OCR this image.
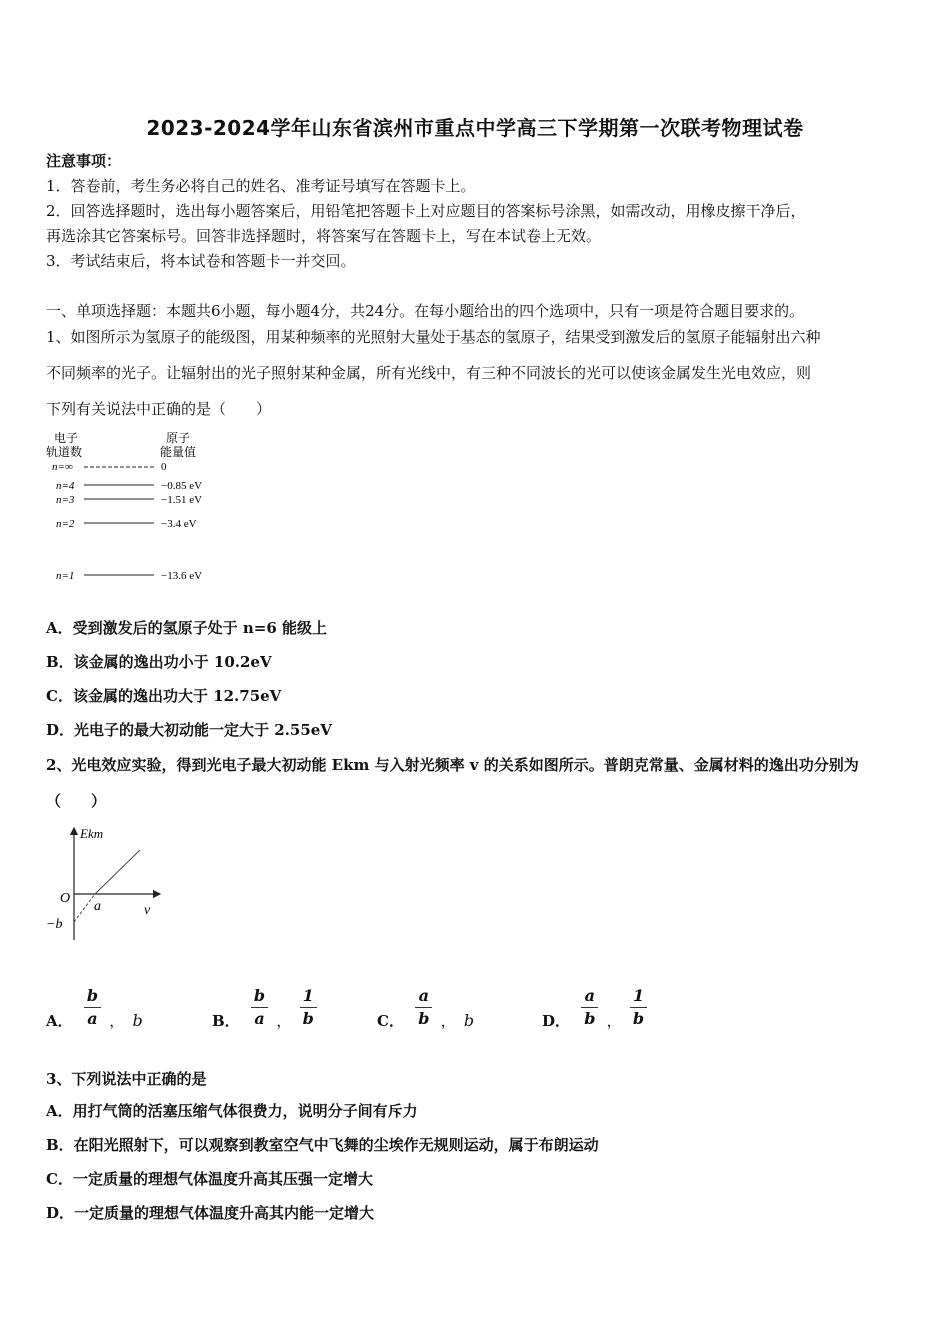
2023-2024学年山东省滨州市重点中学高三下学期第一次联考物理试卷
注意事项：
1．答卷前，考生务必将自己的姓名、准考证号填写在答题卡上。
2．回答选择题时，选出每小题答案后，用铅笔把答题卡上对应题目的答案标号涂黑，如需改动，用橡皮擦干净后，
再选涂其它答案标号。回答非选择题时，将答案写在答题卡上，写在本试卷上无效。
3．考试结束后，将本试卷和答题卡一并交回。
一、单项选择题：本题共6小题，每小题4分，共24分。在每小题给出的四个选项中，只有一项是符合题目要求的。
1、如图所示为氢原子的能级图，用某种频率的光照射大量处于基态的氢原子，结果受到激发后的氢原子能辐射出六种
不同频率的光子。让辐射出的光子照射某种金属，所有光线中，有三种不同波长的光可以使该金属发生光电效应，则
下列有关说法中正确的是（　　）
电子
轨道数
原子
能量值
n=∞	0
n=4	−0.85 eV
n=3	−1.51 eV
n=2	−3.4 eV
n=1	−13.6 eV
A．受到激发后的氢原子处于 n=6 能级上
B．该金属的逸出功小于 10.2eV
C．该金属的逸出功大于 12.75eV
D．光电子的最大初动能一定大于 2.55eV
2、光电效应实验，得到光电子最大初动能 Ekm 与入射光频率 v 的关系如图所示。普朗克常量、金属材料的逸出功分别为
（　　）
Ekm
v
O
a
−b
A． $\frac{b}{a}$ ， b	B． $\frac{b}{a}$ ， $\frac{1}{b}$	C． $\frac{a}{b}$ ， b	D． $\frac{a}{b}$ ， $\frac{1}{b}$
3、下列说法中正确的是
A．用打气筒的活塞压缩气体很费力，说明分子间有斥力
B．在阳光照射下，可以观察到教室空气中飞舞的尘埃作无规则运动，属于布朗运动
C．一定质量的理想气体温度升高其压强一定增大
D．一定质量的理想气体温度升高其内能一定增大
